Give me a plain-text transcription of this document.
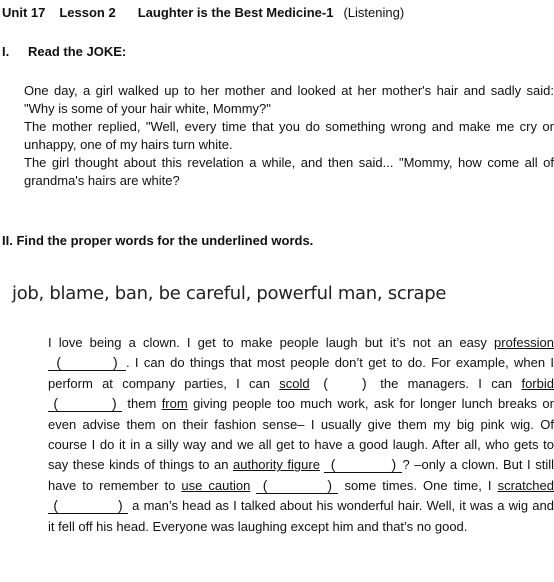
Unit 17 Lesson 2 Laughter is the Best Medicine-1 (Listening)
I. Read the JOKE:

One day, a girl walked up to her mother and looked at her mother's hair and sadly said: "Why is some of your hair white, Mommy?"

The mother replied, "Well, every time that you do something wrong and make me cry or unhappy, one of my hairs turn white.

The girl thought about this revelation a while, and then said... "Mommy, how come all of grandma's hairs are white?

II. Find the proper words for the underlined words.
job, blame, ban, be careful, powerful man, scrape

I love being a clown. I get to make people laugh but it’s not an easy profession (	) . I can do things that most people don’t get to do. For example, when I perform at company parties, I can scold ( ) the managers. I can forbid (	) them from giving people too much work, ask for longer lunch breaks or even advise them on their fashion sense– I usually give them my big pink wig. Of course I do it in a silly way and we all get to have a good laugh. After all, who gets to say these kinds of things to an authority figure (	) ? –only a clown. But I still have to remember to use caution (	) some times. One time, I scratched(	) a man’s head as I talked about his wonderful hair. Well, it was a wig and it fell off his head. Everyone was laughing except him and that’s no good.
